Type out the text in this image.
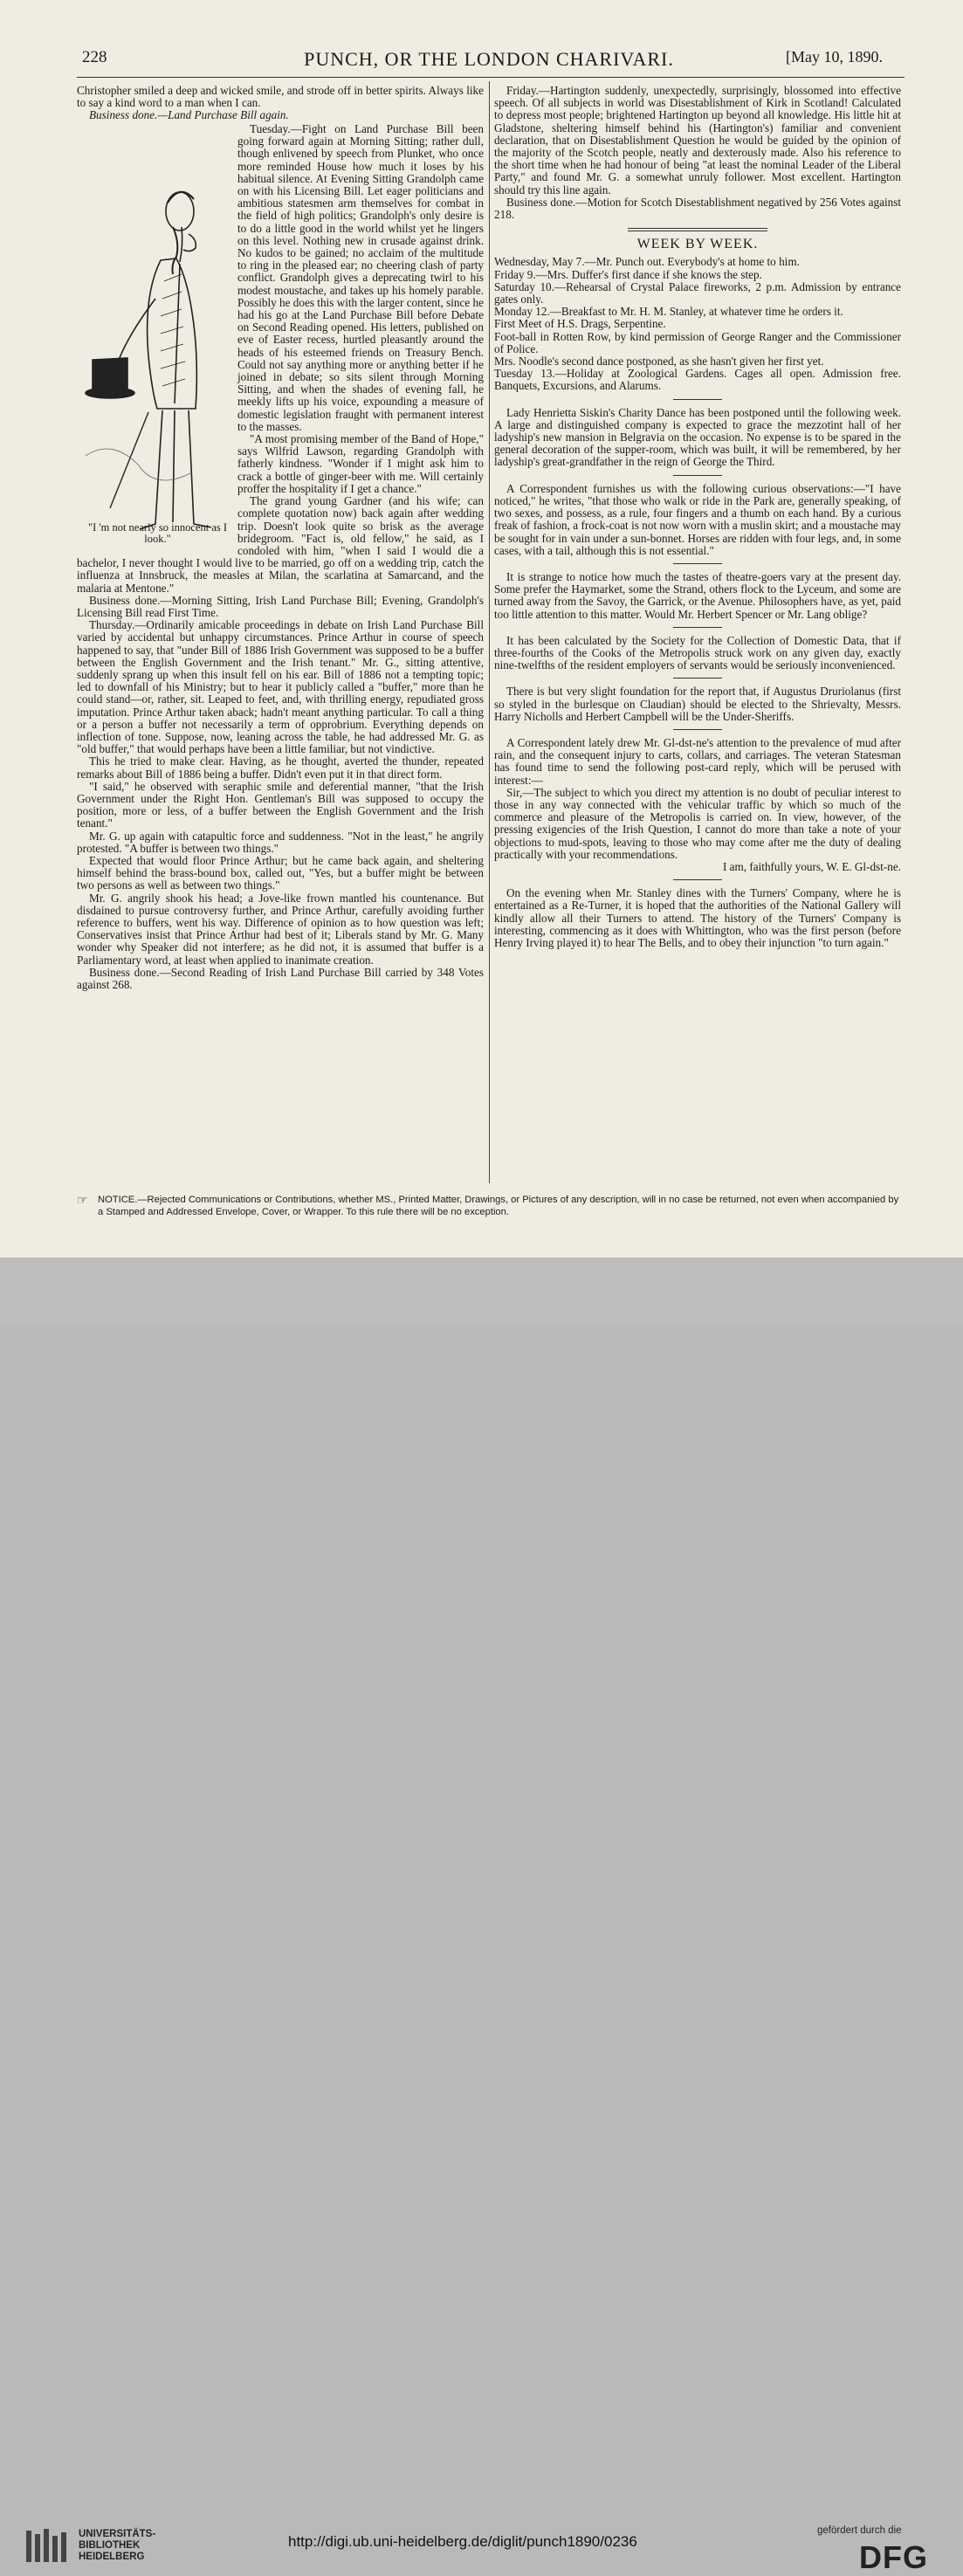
228	PUNCH, OR THE LONDON CHARIVARI.	[May 10, 1890.
"I 'm not nearly so innocent as I look."

Christopher smiled a deep and wicked smile, and strode off in better spirits. Always like to say a kind word to a man when I can.

Business done.—Land Purchase Bill again.

Tuesday.—Fight on Land Purchase Bill been going forward again at Morning Sitting; rather dull, though enlivened by speech from Plunket, who once more reminded House how much it loses by his habitual silence. At Evening Sitting Grandolph came on with his Licensing Bill. Let eager politicians and ambitious statesmen arm themselves for combat in the field of high politics; Grandolph's only desire is to do a little good in the world whilst yet he lingers on this level. Nothing new in crusade against drink. No kudos to be gained; no acclaim of the multitude to ring in the pleased ear; no cheering clash of party conflict. Grandolph gives a deprecating twirl to his modest moustache, and takes up his homely parable. Possibly he does this with the larger content, since he had his go at the Land Purchase Bill before Debate on Second Reading opened. His letters, published on eve of Easter recess, hurtled pleasantly around the heads of his esteemed friends on Treasury Bench. Could not say anything more or anything better if he joined in debate; so sits silent through Morning Sitting, and when the shades of evening fall, he meekly lifts up his voice, expounding a measure of domestic legislation fraught with permanent interest to the masses.

"A most promising member of the Band of Hope," says Wilfrid Lawson, regarding Grandolph with fatherly kindness. "Wonder if I might ask him to crack a bottle of ginger-beer with me. Will certainly proffer the hospitality if I get a chance."

The grand young Gardner (and his wife; can complete quotation now) back again after wedding trip. Doesn't look quite so brisk as the average bridegroom. "Fact is, old fellow," he said, as I condoled with him, "when I said I would die a bachelor, I never thought I would live to be married, go off on a wedding trip, catch the influenza at Innsbruck, the measles at Milan, the scarlatina at Samarcand, and the malaria at Mentone."

Business done.—Morning Sitting, Irish Land Purchase Bill; Evening, Grandolph's Licensing Bill read First Time.

Thursday.—Ordinarily amicable proceedings in debate on Irish Land Purchase Bill varied by accidental but unhappy circumstances. Prince Arthur in course of speech happened to say, that "under Bill of 1886 Irish Government was supposed to be a buffer between the English Government and the Irish tenant." Mr. G., sitting attentive, suddenly sprang up when this insult fell on his ear. Bill of 1886 not a tempting topic; led to downfall of his Ministry; but to hear it publicly called a "buffer," more than he could stand—or, rather, sit. Leaped to feet, and, with thrilling energy, repudiated gross imputation. Prince Arthur taken aback; hadn't meant anything particular. To call a thing or a person a buffer not necessarily a term of opprobrium. Everything depends on inflection of tone. Suppose, now, leaning across the table, he had addressed Mr. G. as "old buffer," that would perhaps have been a little familiar, but not vindictive.

This he tried to make clear. Having, as he thought, averted the thunder, repeated remarks about Bill of 1886 being a buffer. Didn't even put it in that direct form.

"I said," he observed with seraphic smile and deferential manner, "that the Irish Government under the Right Hon. Gentleman's Bill was supposed to occupy the position, more or less, of a buffer between the English Government and the Irish tenant."

Mr. G. up again with catapultic force and suddenness. "Not in the least," he angrily protested. "A buffer is between two things."

Expected that would floor Prince Arthur; but he came back again, and sheltering himself behind the brass-bound box, called out, "Yes, but a buffer might be between two persons as well as between two things."

Mr. G. angrily shook his head; a Jove-like frown mantled his countenance. But disdained to pursue controversy further, and Prince Arthur, carefully avoiding further reference to buffers, went his way. Difference of opinion as to how question was left; Conservatives insist that Prince Arthur had best of it; Liberals stand by Mr. G. Many wonder why Speaker did not interfere; as he did not, it is assumed that buffer is a Parliamentary word, at least when applied to inanimate creation.

Business done.—Second Reading of Irish Land Purchase Bill carried by 348 Votes against 268.

Friday.—Hartington suddenly, unexpectedly, surprisingly, blossomed into effective speech. Of all subjects in world was Disestablishment of Kirk in Scotland! Calculated to depress most people; brightened Hartington up beyond all knowledge. His little hit at Gladstone, sheltering himself behind his (Hartington's) familiar and convenient declaration, that on Disestablishment Question he would be guided by the opinion of the majority of the Scotch people, neatly and dexterously made. Also his reference to the short time when he had honour of being "at least the nominal Leader of the Liberal Party," and found Mr. G. a somewhat unruly follower. Most excellent. Hartington should try this line again.

Business done.—Motion for Scotch Disestablishment negatived by 256 Votes against 218.

WEEK BY WEEK.

Wednesday, May 7.—Mr. Punch out. Everybody's at home to him.

Friday 9.—Mrs. Duffer's first dance if she knows the step.

Saturday 10.—Rehearsal of Crystal Palace fireworks, 2 p.m. Admission by entrance gates only.

Monday 12.—Breakfast to Mr. H. M. Stanley, at whatever time he orders it.

First Meet of H.S. Drags, Serpentine.

Foot-ball in Rotten Row, by kind permission of George Ranger and the Commissioner of Police.

Mrs. Noodle's second dance postponed, as she hasn't given her first yet.

Tuesday 13.—Holiday at Zoological Gardens. Cages all open. Admission free. Banquets, Excursions, and Alarums.

Lady Henrietta Siskin's Charity Dance has been postponed until the following week. A large and distinguished company is expected to grace the mezzotint hall of her ladyship's new mansion in Belgravia on the occasion. No expense is to be spared in the general decoration of the supper-room, which was built, it will be remembered, by her ladyship's great-grandfather in the reign of George the Third.

A Correspondent furnishes us with the following curious observations:—"I have noticed," he writes, "that those who walk or ride in the Park are, generally speaking, of two sexes, and possess, as a rule, four fingers and a thumb on each hand. By a curious freak of fashion, a frock-coat is not now worn with a muslin skirt; and a moustache may be sought for in vain under a sun-bonnet. Horses are ridden with four legs, and, in some cases, with a tail, although this is not essential."

It is strange to notice how much the tastes of theatre-goers vary at the present day. Some prefer the Haymarket, some the Strand, others flock to the Lyceum, and some are turned away from the Savoy, the Garrick, or the Avenue. Philosophers have, as yet, paid too little attention to this matter. Would Mr. Herbert Spencer or Mr. Lang oblige?

It has been calculated by the Society for the Collection of Domestic Data, that if three-fourths of the Cooks of the Metropolis struck work on any given day, exactly nine-twelfths of the resident employers of servants would be seriously inconvenienced.

There is but very slight foundation for the report that, if Augustus Druriolanus (first so styled in the burlesque on Claudian) should be elected to the Shrievalty, Messrs. Harry Nicholls and Herbert Campbell will be the Under-Sheriffs.

A Correspondent lately drew Mr. Gl-dst-ne's attention to the prevalence of mud after rain, and the consequent injury to carts, collars, and carriages. The veteran Statesman has found time to send the following post-card reply, which will be perused with interest:—

Sir,—The subject to which you direct my attention is no doubt of peculiar interest to those in any way connected with the vehicular traffic by which so much of the commerce and pleasure of the Metropolis is carried on. In view, however, of the pressing exigencies of the Irish Question, I cannot do more than take a note of your objections to mud-spots, leaving to those who may come after me the duty of dealing practically with your recommendations.

I am, faithfully yours, W. E. Gl-dst-ne.

On the evening when Mr. Stanley dines with the Turners' Company, where he is entertained as a Re-Turner, it is hoped that the authorities of the National Gallery will kindly allow all their Turners to attend. The history of the Turners' Company is interesting, commencing as it does with Whittington, who was the first person (before Henry Irving played it) to hear The Bells, and to obey their injunction "to turn again."

☞ NOTICE.—Rejected Communications or Contributions, whether MS., Printed Matter, Drawings, or Pictures of any description, will in no case be returned, not even when accompanied by a Stamped and Addressed Envelope, Cover, or Wrapper. To this rule there will be no exception.
UNIVERSITÄTS-
BIBLIOTHEK
HEIDELBERG
http://digi.ub.uni-heidelberg.de/diglit/punch1890/0236
gefördert durch die
DFG
